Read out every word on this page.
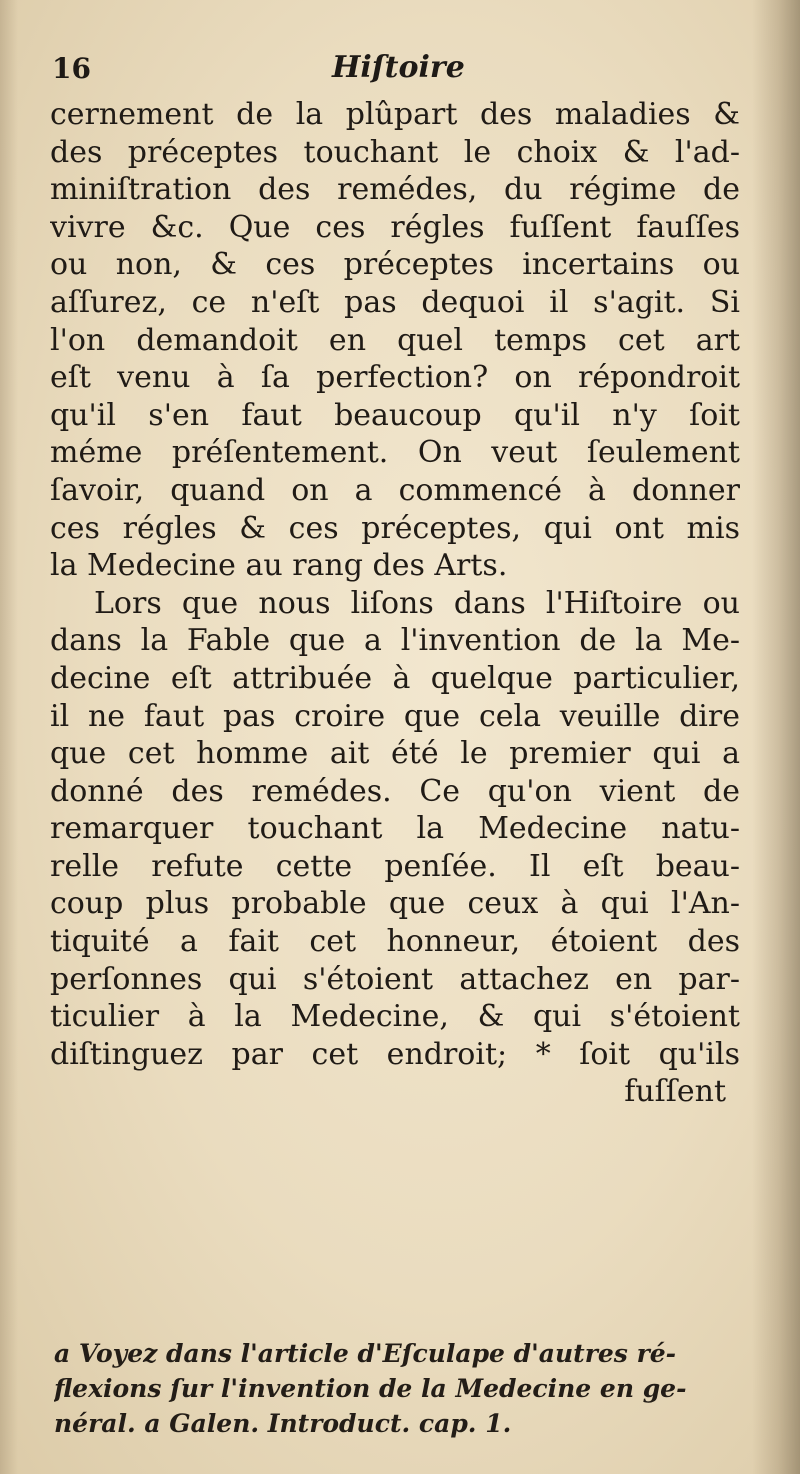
16	Hiſtoire
cernement de la plûpart des maladies &
des préceptes touchant le choix & l'ad-
miniſtration des remédes, du régime de
vivre &c. Que ces régles fuſſent fauſſes
ou non, & ces préceptes incertains ou
aſſurez, ce n'eſt pas dequoi il s'agit. Si
l'on demandoit en quel temps cet art
eſt venu à ſa perfection? on répondroit
qu'il s'en faut beaucoup qu'il n'y ſoit
méme préſentement. On veut ſeulement
ſavoir, quand on a commencé à donner
ces régles & ces préceptes, qui ont mis
la Medecine au rang des Arts.
Lors que nous liſons dans l'Hiſtoire ou
dans la Fable que a l'invention de la Me-
decine eſt attribuée à quelque particulier,
il ne faut pas croire que cela veuille dire
que cet homme ait été le premier qui a
donné des remédes. Ce qu'on vient de
remarquer touchant la Medecine natu-
relle refute cette penſée. Il eſt beau-
coup plus probable que ceux à qui l'An-
tiquité a fait cet honneur, étoient des
perſonnes qui s'étoient attachez en par-
ticulier à la Medecine, & qui s'étoient
diſtinguez par cet endroit; * ſoit qu'ils
fuſſent
a Voyez dans l'article d'Eſculape d'autres ré-
flexions ſur l'invention de la Medecine en ge-
néral. a Galen. Introduct. cap. 1.
